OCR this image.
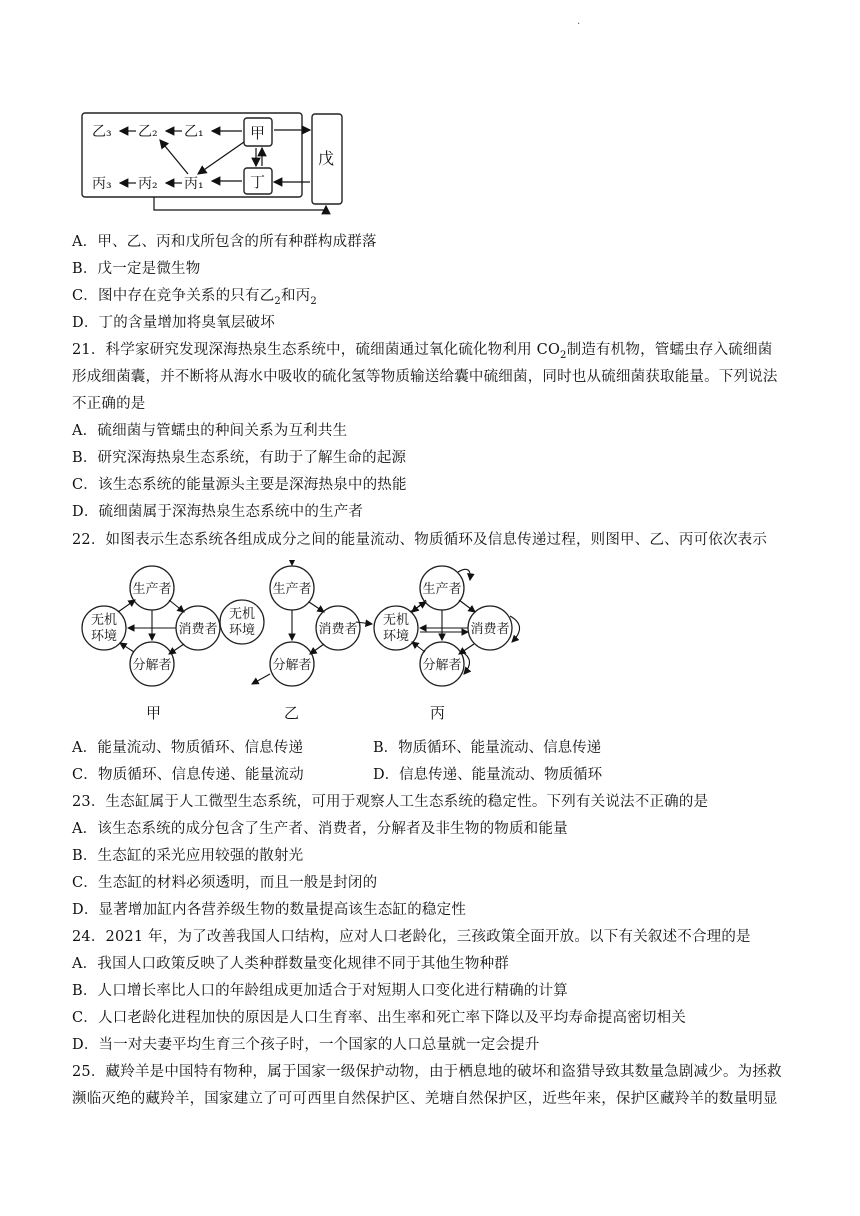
.
乙₃ 乙₂ 乙₁
丙₃ 丙₂ 丙₁
甲
丁
戊
A．甲、乙、丙和戊所包含的所有种群构成群落
B．戊一定是微生物
C．图中存在竞争关系的只有乙$_2$和丙$_2$
D．丁的含量增加将臭氧层破坏
21．科学家研究发现深海热泉生态系统中，硫细菌通过氧化硫化物利用 $CO_2$制造有机物，管蠕虫存入硫细菌
形成细菌囊，并不断将从海水中吸收的硫化氢等物质输送给囊中硫细菌，同时也从硫细菌获取能量。下列说法
不正确的是
A．硫细菌与管蠕虫的种间关系为互利共生
B．研究深海热泉生态系统，有助于了解生命的起源
C．该生态系统的能量源头主要是深海热泉中的热能
D．硫细菌属于深海热泉生态系统中的生产者
22．如图表示生态系统各组成成分之间的能量流动、物质循环及信息传递过程，则图甲、乙、丙可依次表示
生产者
无机
环境	消费者
分解者
生产者
无机
环境	消费者
分解者
生产者
无机
环境	消费者
分解者
甲	乙	丙
A．能量流动、物质循环、信息传递	B．物质循环、能量流动、信息传递
C．物质循环、信息传递、能量流动	D．信息传递、能量流动、物质循环
23．生态缸属于人工微型生态系统，可用于观察人工生态系统的稳定性。下列有关说法不正确的是
A．该生态系统的成分包含了生产者、消费者，分解者及非生物的物质和能量
B．生态缸的采光应用较强的散射光
C．生态缸的材料必须透明，而且一般是封闭的
D．显著增加缸内各营养级生物的数量提高该生态缸的稳定性
24．2021 年，为了改善我国人口结构，应对人口老龄化，三孩政策全面开放。以下有关叙述不合理的是
A．我国人口政策反映了人类种群数量变化规律不同于其他生物种群
B．人口增长率比人口的年龄组成更加适合于对短期人口变化进行精确的计算
C．人口老龄化进程加快的原因是人口生育率、出生率和死亡率下降以及平均寿命提高密切相关
D．当一对夫妻平均生育三个孩子时，一个国家的人口总量就一定会提升
25．藏羚羊是中国特有物种，属于国家一级保护动物，由于栖息地的破坏和盗猎导致其数量急剧减少。为拯救
濒临灭绝的藏羚羊，国家建立了可可西里自然保护区、羌塘自然保护区，近些年来，保护区藏羚羊的数量明显
